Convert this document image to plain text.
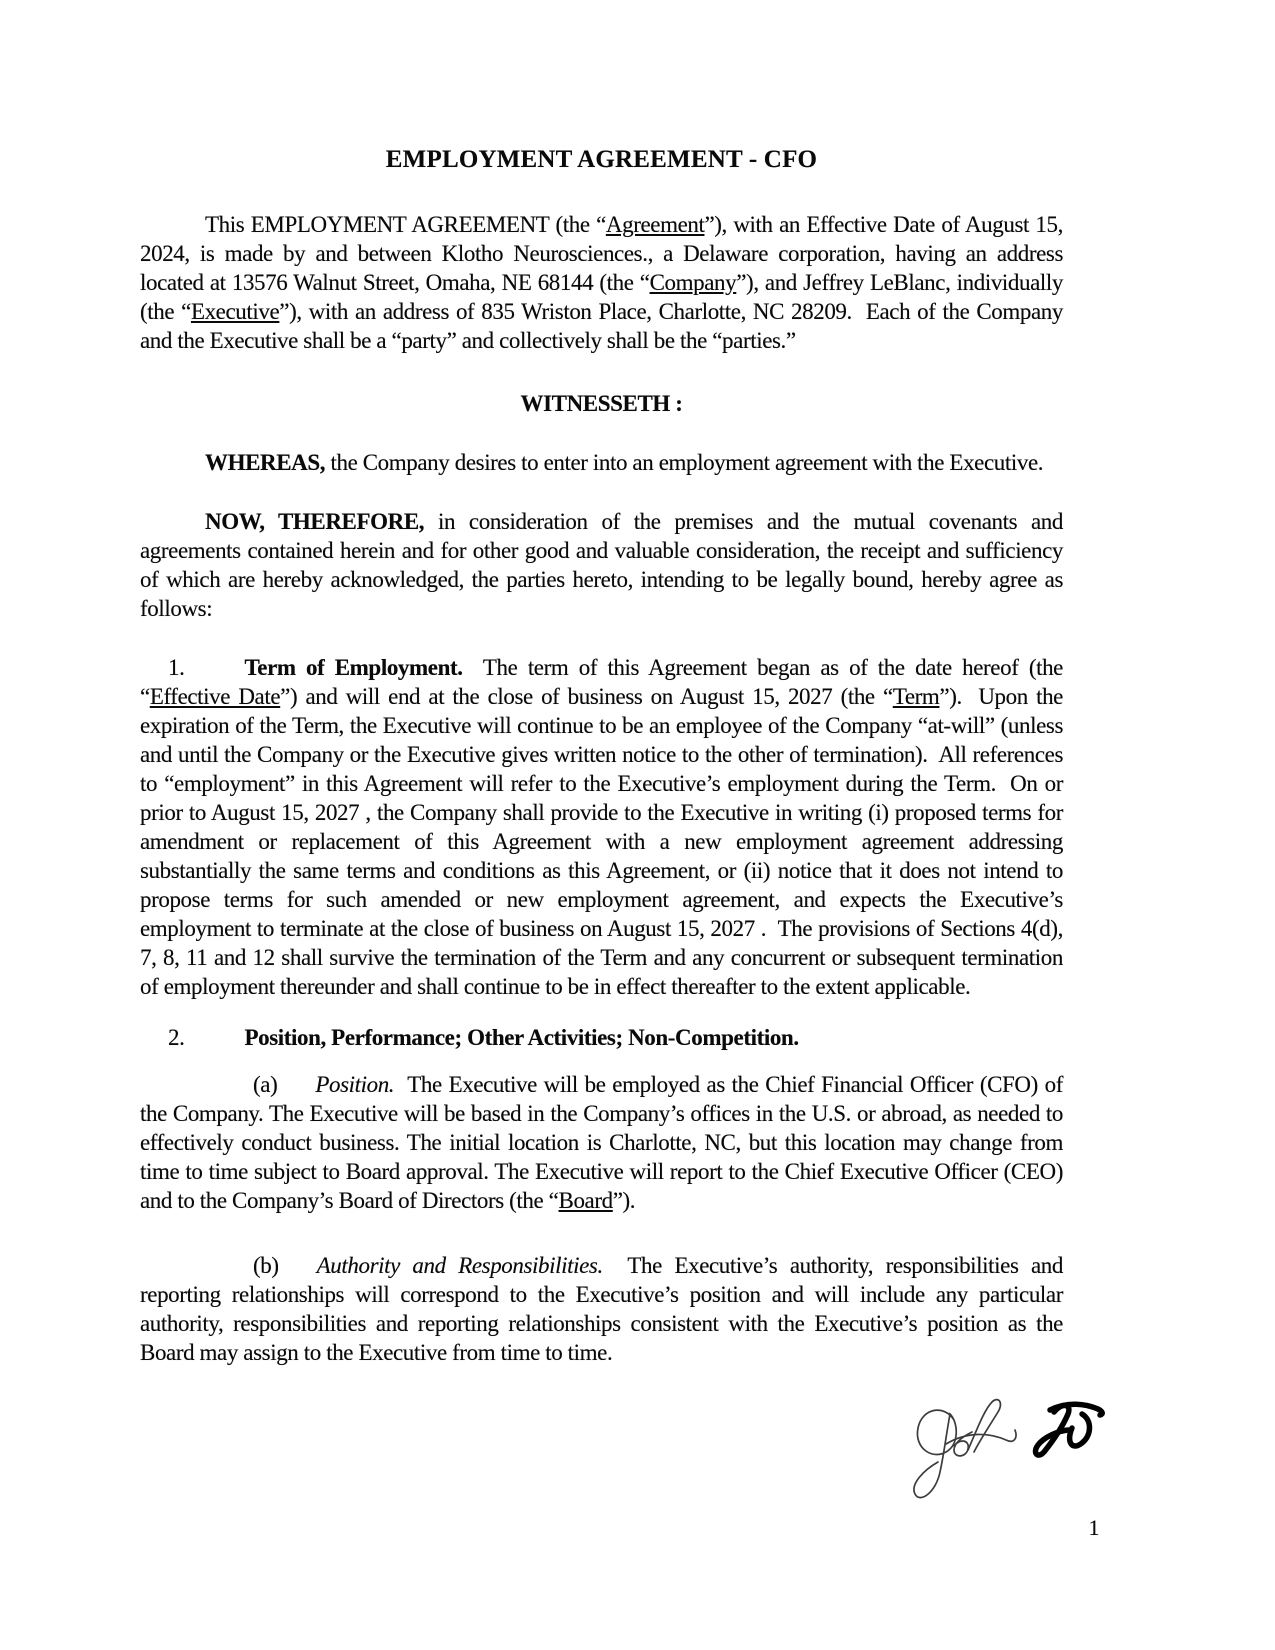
EMPLOYMENT AGREEMENT - CFO

This EMPLOYMENT AGREEMENT (the “Agreement”), with an Effective Date of August 15, 2024, is made by and between Klotho Neurosciences., a Delaware corporation, having an address located at 13576 Walnut Street, Omaha, NE 68144 (the “Company”), and Jeffrey LeBlanc, individually (the “Executive”), with an address of 835 Wriston Place, Charlotte, NC 28209.  Each of the Company and the Executive shall be a “party” and collectively shall be the “parties.”

WITNESSETH :

WHEREAS, the Company desires to enter into an employment agreement with the Executive.

NOW, THEREFORE, in consideration of the premises and the mutual covenants and agreements contained herein and for other good and valuable consideration, the receipt and sufficiency of which are hereby acknowledged, the parties hereto, intending to be legally bound, hereby agree as follows:

1.	Term of Employment.  The term of this Agreement began as of the date hereof (the “Effective Date”) and will end at the close of business on August 15, 2027 (the “Term”).  Upon the expiration of the Term, the Executive will continue to be an employee of the Company “at-will” (unless and until the Company or the Executive gives written notice to the other of termination).  All references to “employment” in this Agreement will refer to the Executive’s employment during the Term.  On or prior to August 15, 2027 , the Company shall provide to the Executive in writing (i) proposed terms for amendment or replacement of this Agreement with a new employment agreement addressing substantially the same terms and conditions as this Agreement, or (ii) notice that it does not intend to propose terms for such amended or new employment agreement, and expects the Executive’s employment to terminate at the close of business on August 15, 2027 .  The provisions of Sections 4(d), 7, 8, 11 and 12 shall survive the termination of the Term and any concurrent or subsequent termination of employment thereunder and shall continue to be in effect thereafter to the extent applicable.

2.	Position, Performance; Other Activities; Non-Competition.

(a) Position.  The Executive will be employed as the Chief Financial Officer (CFO) of the Company. The Executive will be based in the Company’s offices in the U.S. or abroad, as needed to effectively conduct business. The initial location is Charlotte, NC, but this location may change from time to time subject to Board approval. The Executive will report to the Chief Executive Officer (CEO) and to the Company’s Board of Directors (the “Board”).

(b) Authority and Responsibilities.  The Executive’s authority, responsibilities and reporting relationships will correspond to the Executive’s position and will include any particular authority, responsibilities and reporting relationships consistent with the Executive’s position as the Board may assign to the Executive from time to time.

1
